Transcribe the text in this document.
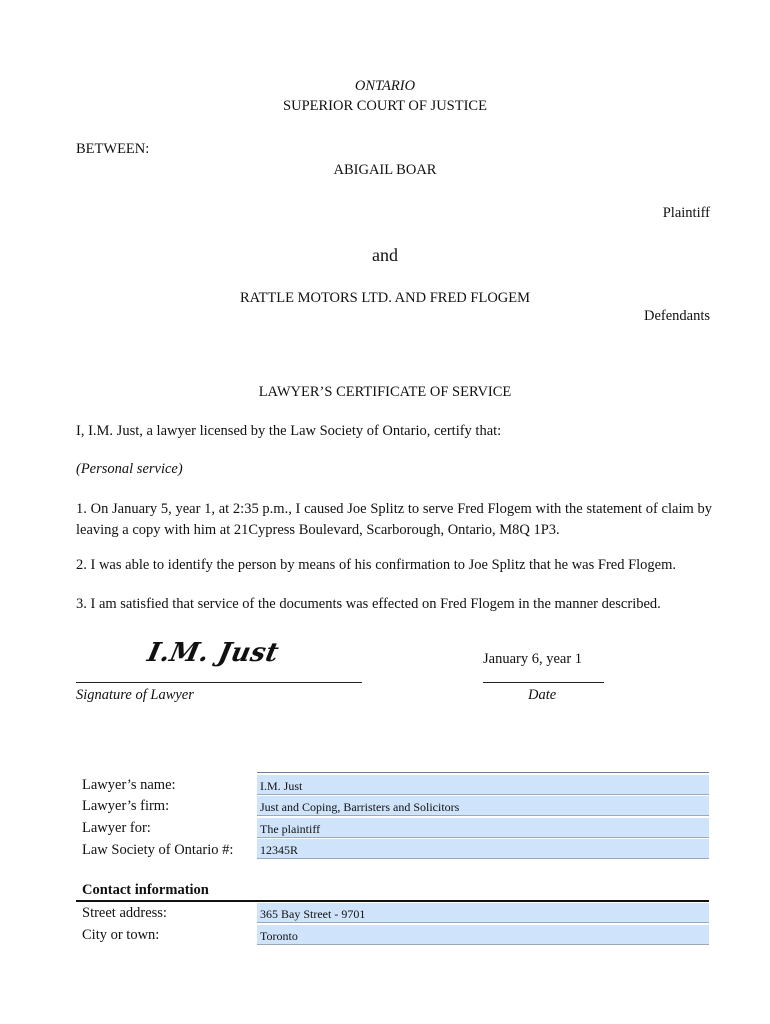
ONTARIO
SUPERIOR COURT OF JUSTICE
BETWEEN:
ABIGAIL BOAR
Plaintiff
and
RATTLE MOTORS LTD. AND FRED FLOGEM
Defendants
LAWYER’S CERTIFICATE OF SERVICE
I, I.M. Just, a lawyer licensed by the Law Society of Ontario, certify that:
(Personal service)
1. On January 5, year 1, at 2:35 p.m., I caused Joe Splitz to serve Fred Flogem with the statement of claim by leaving a copy with him at 21Cypress Boulevard, Scarborough, Ontario, M8Q 1P3.
2. I was able to identify the person by means of his confirmation to Joe Splitz that he was Fred Flogem.
3. I am satisfied that service of the documents was effected on Fred Flogem in the manner described.
I.M. Just
Signature of Lawyer
January 6, year 1
Date
Lawyer’s name:	I.M. Just
Lawyer’s firm:	Just and Coping, Barristers and Solicitors
Lawyer for:	The plaintiff
Law Society of Ontario #: 12345R
Contact information
Street address:	365 Bay Street - 9701
City or town:	Toronto
